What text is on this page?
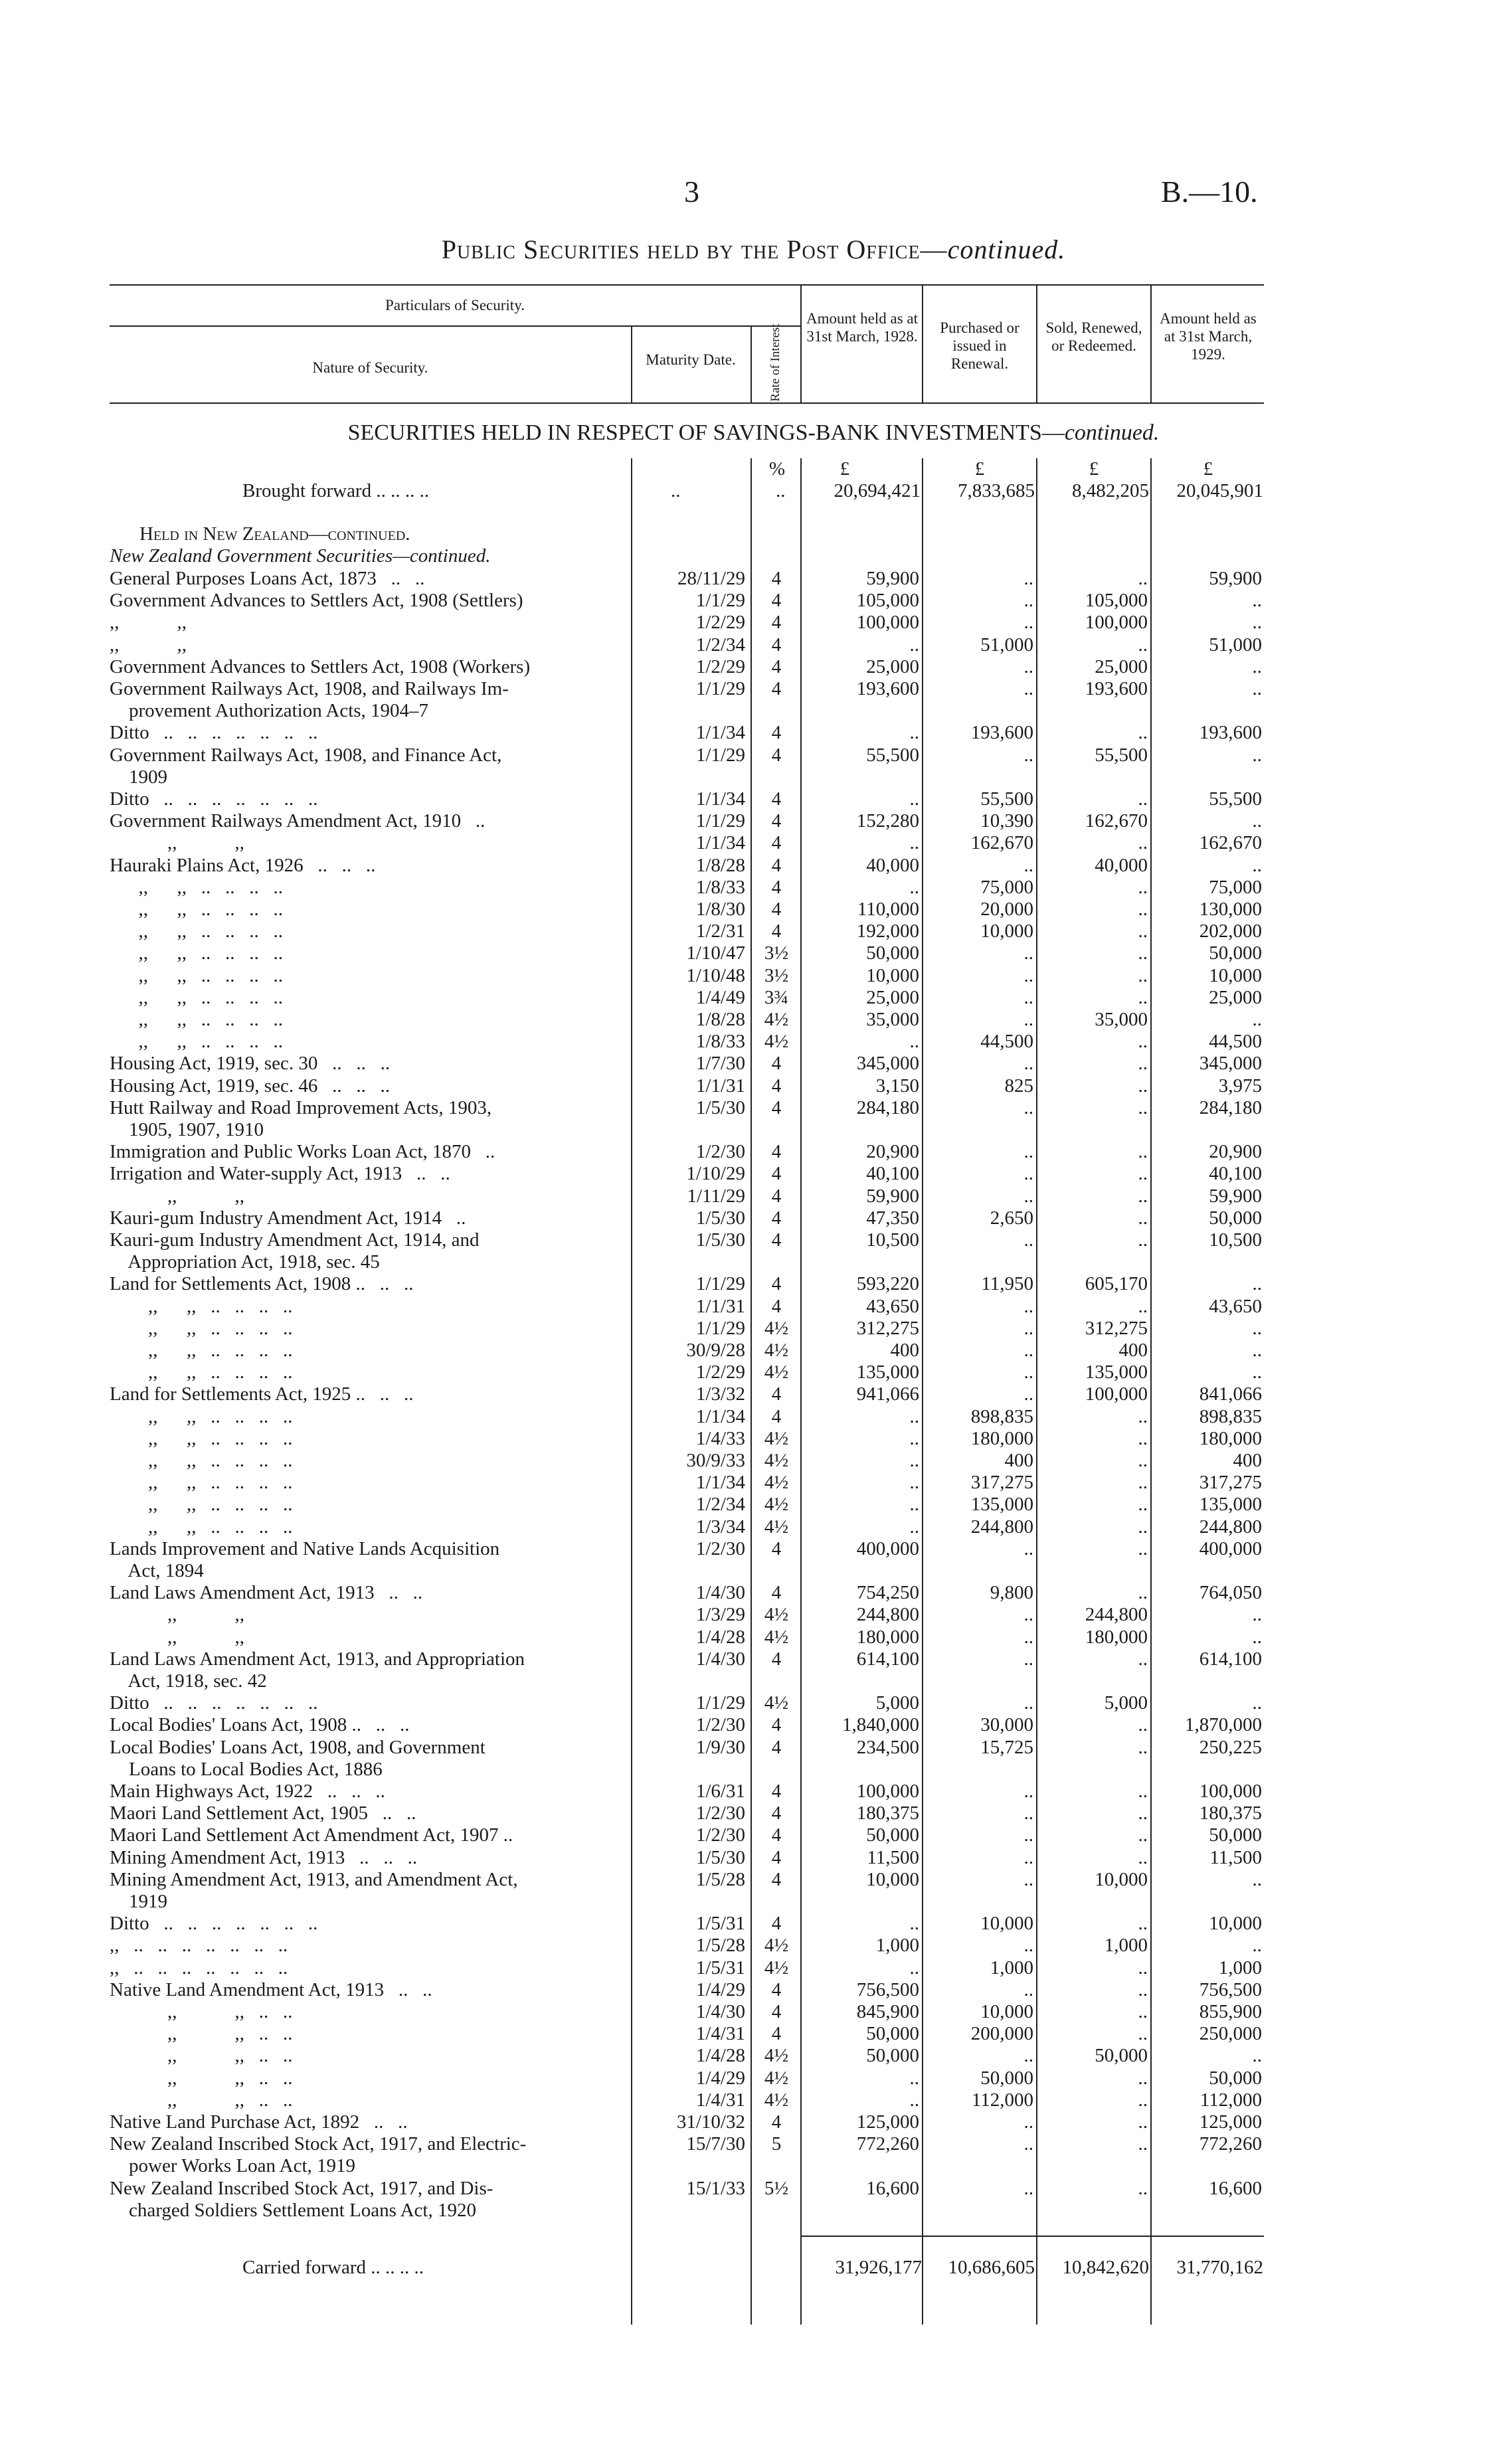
3	B.—10.
Public Securities held by the Post Office—continued.
Particulars of Security.
Nature of Security.	Maturity Date.	Rate of Interest
Amount held as at 31st March, 1928.
Purchased or issued in Renewal.
Sold, Renewed, or Redeemed.
Amount held as at 31st March, 1929.
SECURITIES HELD IN RESPECT OF SAVINGS-BANK INVESTMENTS—continued.
%	£	£	£	£
Brought forward .. .. .. ..	..	..	20,694,421	7,833,685	8,482,205	20,045,901
Held in New Zealand—continued.
New Zealand Government Securities—continued.
General Purposes Loans Act, 1873   ..   ..	28/11/29	4	59,900	..	..	59,900
Government Advances to Settlers Act, 1908 (Settlers)	1/1/29	4	105,000	..	105,000	..
,,            ,,	1/2/29	4	100,000	..	100,000	..
,,            ,,	1/2/34	4	..	51,000	..	51,000
Government Advances to Settlers Act, 1908 (Workers)	1/2/29	4	25,000	..	25,000	..
Government Railways Act, 1908, and Railways Im-	1/1/29	4	193,600	..	193,600	..
provement Authorization Acts, 1904–7
Ditto   ..   ..   ..   ..   ..   ..   ..	1/1/34	4	..	193,600	..	193,600
Government Railways Act, 1908, and Finance Act,	1/1/29	4	55,500	..	55,500	..
1909
Ditto   ..   ..   ..   ..   ..   ..   ..	1/1/34	4	..	55,500	..	55,500
Government Railways Amendment Act, 1910   ..	1/1/29	4	152,280	10,390	162,670	..
,,            ,,	1/1/34	4	..	162,670	..	162,670
Hauraki Plains Act, 1926   ..   ..   ..	1/8/28	4	40,000	..	40,000	..
,,      ,,   ..   ..   ..   ..	1/8/33	4	..	75,000	..	75,000
,,      ,,   ..   ..   ..   ..	1/8/30	4	110,000	20,000	..	130,000
,,      ,,   ..   ..   ..   ..	1/2/31	4	192,000	10,000	..	202,000
,,      ,,   ..   ..   ..   ..	1/10/47 3½	50,000	..	..	50,000
,,      ,,   ..   ..   ..   ..	1/10/48 3½	10,000	..	..	10,000
,,      ,,   ..   ..   ..   ..	1/4/49 3¾	25,000	..	..	25,000
,,      ,,   ..   ..   ..   ..	1/8/28 4½	35,000	..	35,000	..
,,      ,,   ..   ..   ..   ..	1/8/33 4½	..	44,500	..	44,500
Housing Act, 1919, sec. 30   ..   ..   ..	1/7/30	4	345,000	..	..	345,000
Housing Act, 1919, sec. 46   ..   ..   ..	1/1/31	4	3,150	825	..	3,975
Hutt Railway and Road Improvement Acts, 1903,	1/5/30	4	284,180	..	..	284,180
1905, 1907, 1910
Immigration and Public Works Loan Act, 1870   ..	1/2/30	4	20,900	..	..	20,900
Irrigation and Water-supply Act, 1913   ..   ..	1/10/29	4	40,100	..	..	40,100
,,            ,,	1/11/29	4	59,900	..	..	59,900
Kauri-gum Industry Amendment Act, 1914   ..	1/5/30	4	47,350	2,650	..	50,000
Kauri-gum Industry Amendment Act, 1914, and	1/5/30	4	10,500	..	..	10,500
Appropriation Act, 1918, sec. 45
Land for Settlements Act, 1908 ..   ..   ..	1/1/29	4	593,220	11,950	605,170	..
,,      ,,   ..   ..   ..   ..	1/1/31	4	43,650	..	..	43,650
,,      ,,   ..   ..   ..   ..	1/1/29 4½	312,275	..	312,275	..
,,      ,,   ..   ..   ..   ..	30/9/28 4½	400	..	400	..
,,      ,,   ..   ..   ..   ..	1/2/29 4½	135,000	..	135,000	..
Land for Settlements Act, 1925 ..   ..   ..	1/3/32	4	941,066	..	100,000	841,066
,,      ,,   ..   ..   ..   ..	1/1/34	4	..	898,835	..	898,835
,,      ,,   ..   ..   ..   ..	1/4/33 4½	..	180,000	..	180,000
,,      ,,   ..   ..   ..   ..	30/9/33 4½	..	400	..	400
,,      ,,   ..   ..   ..   ..	1/1/34 4½	..	317,275	..	317,275
,,      ,,   ..   ..   ..   ..	1/2/34 4½	..	135,000	..	135,000
,,      ,,   ..   ..   ..   ..	1/3/34 4½	..	244,800	..	244,800
Lands Improvement and Native Lands Acquisition	1/2/30	4	400,000	..	..	400,000
Act, 1894
Land Laws Amendment Act, 1913   ..   ..	1/4/30	4	754,250	9,800	..	764,050
,,            ,,	1/3/29 4½	244,800	..	244,800	..
,,            ,,	1/4/28 4½	180,000	..	180,000	..
Land Laws Amendment Act, 1913, and Appropriation	1/4/30	4	614,100	..	..	614,100
Act, 1918, sec. 42
Ditto   ..   ..   ..   ..   ..   ..   ..	1/1/29 4½	5,000	..	5,000	..
Local Bodies' Loans Act, 1908 ..   ..   ..	1/2/30	4	1,840,000	30,000	..	1,870,000
Local Bodies' Loans Act, 1908, and Government	1/9/30	4	234,500	15,725	..	250,225
Loans to Local Bodies Act, 1886
Main Highways Act, 1922   ..   ..   ..	1/6/31	4	100,000	..	..	100,000
Maori Land Settlement Act, 1905   ..   ..	1/2/30	4	180,375	..	..	180,375
Maori Land Settlement Act Amendment Act, 1907 ..	1/2/30	4	50,000	..	..	50,000
Mining Amendment Act, 1913   ..   ..   ..	1/5/30	4	11,500	..	..	11,500
Mining Amendment Act, 1913, and Amendment Act,	1/5/28	4	10,000	..	10,000	..
1919
Ditto   ..   ..   ..   ..   ..   ..   ..	1/5/31	4	..	10,000	..	10,000
,,   ..   ..   ..   ..   ..   ..   ..	1/5/28 4½	1,000	..	1,000	..
,,   ..   ..   ..   ..   ..   ..   ..	1/5/31 4½	..	1,000	..	1,000
Native Land Amendment Act, 1913   ..   ..	1/4/29	4	756,500	..	..	756,500
,,            ,,   ..   ..	1/4/30	4	845,900	10,000	..	855,900
,,            ,,   ..   ..	1/4/31	4	50,000	200,000	..	250,000
,,            ,,   ..   ..	1/4/28 4½	50,000	..	50,000	..
,,            ,,   ..   ..	1/4/29 4½	..	50,000	..	50,000
,,            ,,   ..   ..	1/4/31 4½	..	112,000	..	112,000
Native Land Purchase Act, 1892   ..   ..	31/10/32	4	125,000	..	..	125,000
New Zealand Inscribed Stock Act, 1917, and Electric-	15/7/30	5	772,260	..	..	772,260
power Works Loan Act, 1919
New Zealand Inscribed Stock Act, 1917, and Dis-	15/1/33 5½	16,600	..	..	16,600
charged Soldiers Settlement Loans Act, 1920
Carried forward .. .. .. ..	31,926,177	10,686,605	10,842,620	31,770,162
